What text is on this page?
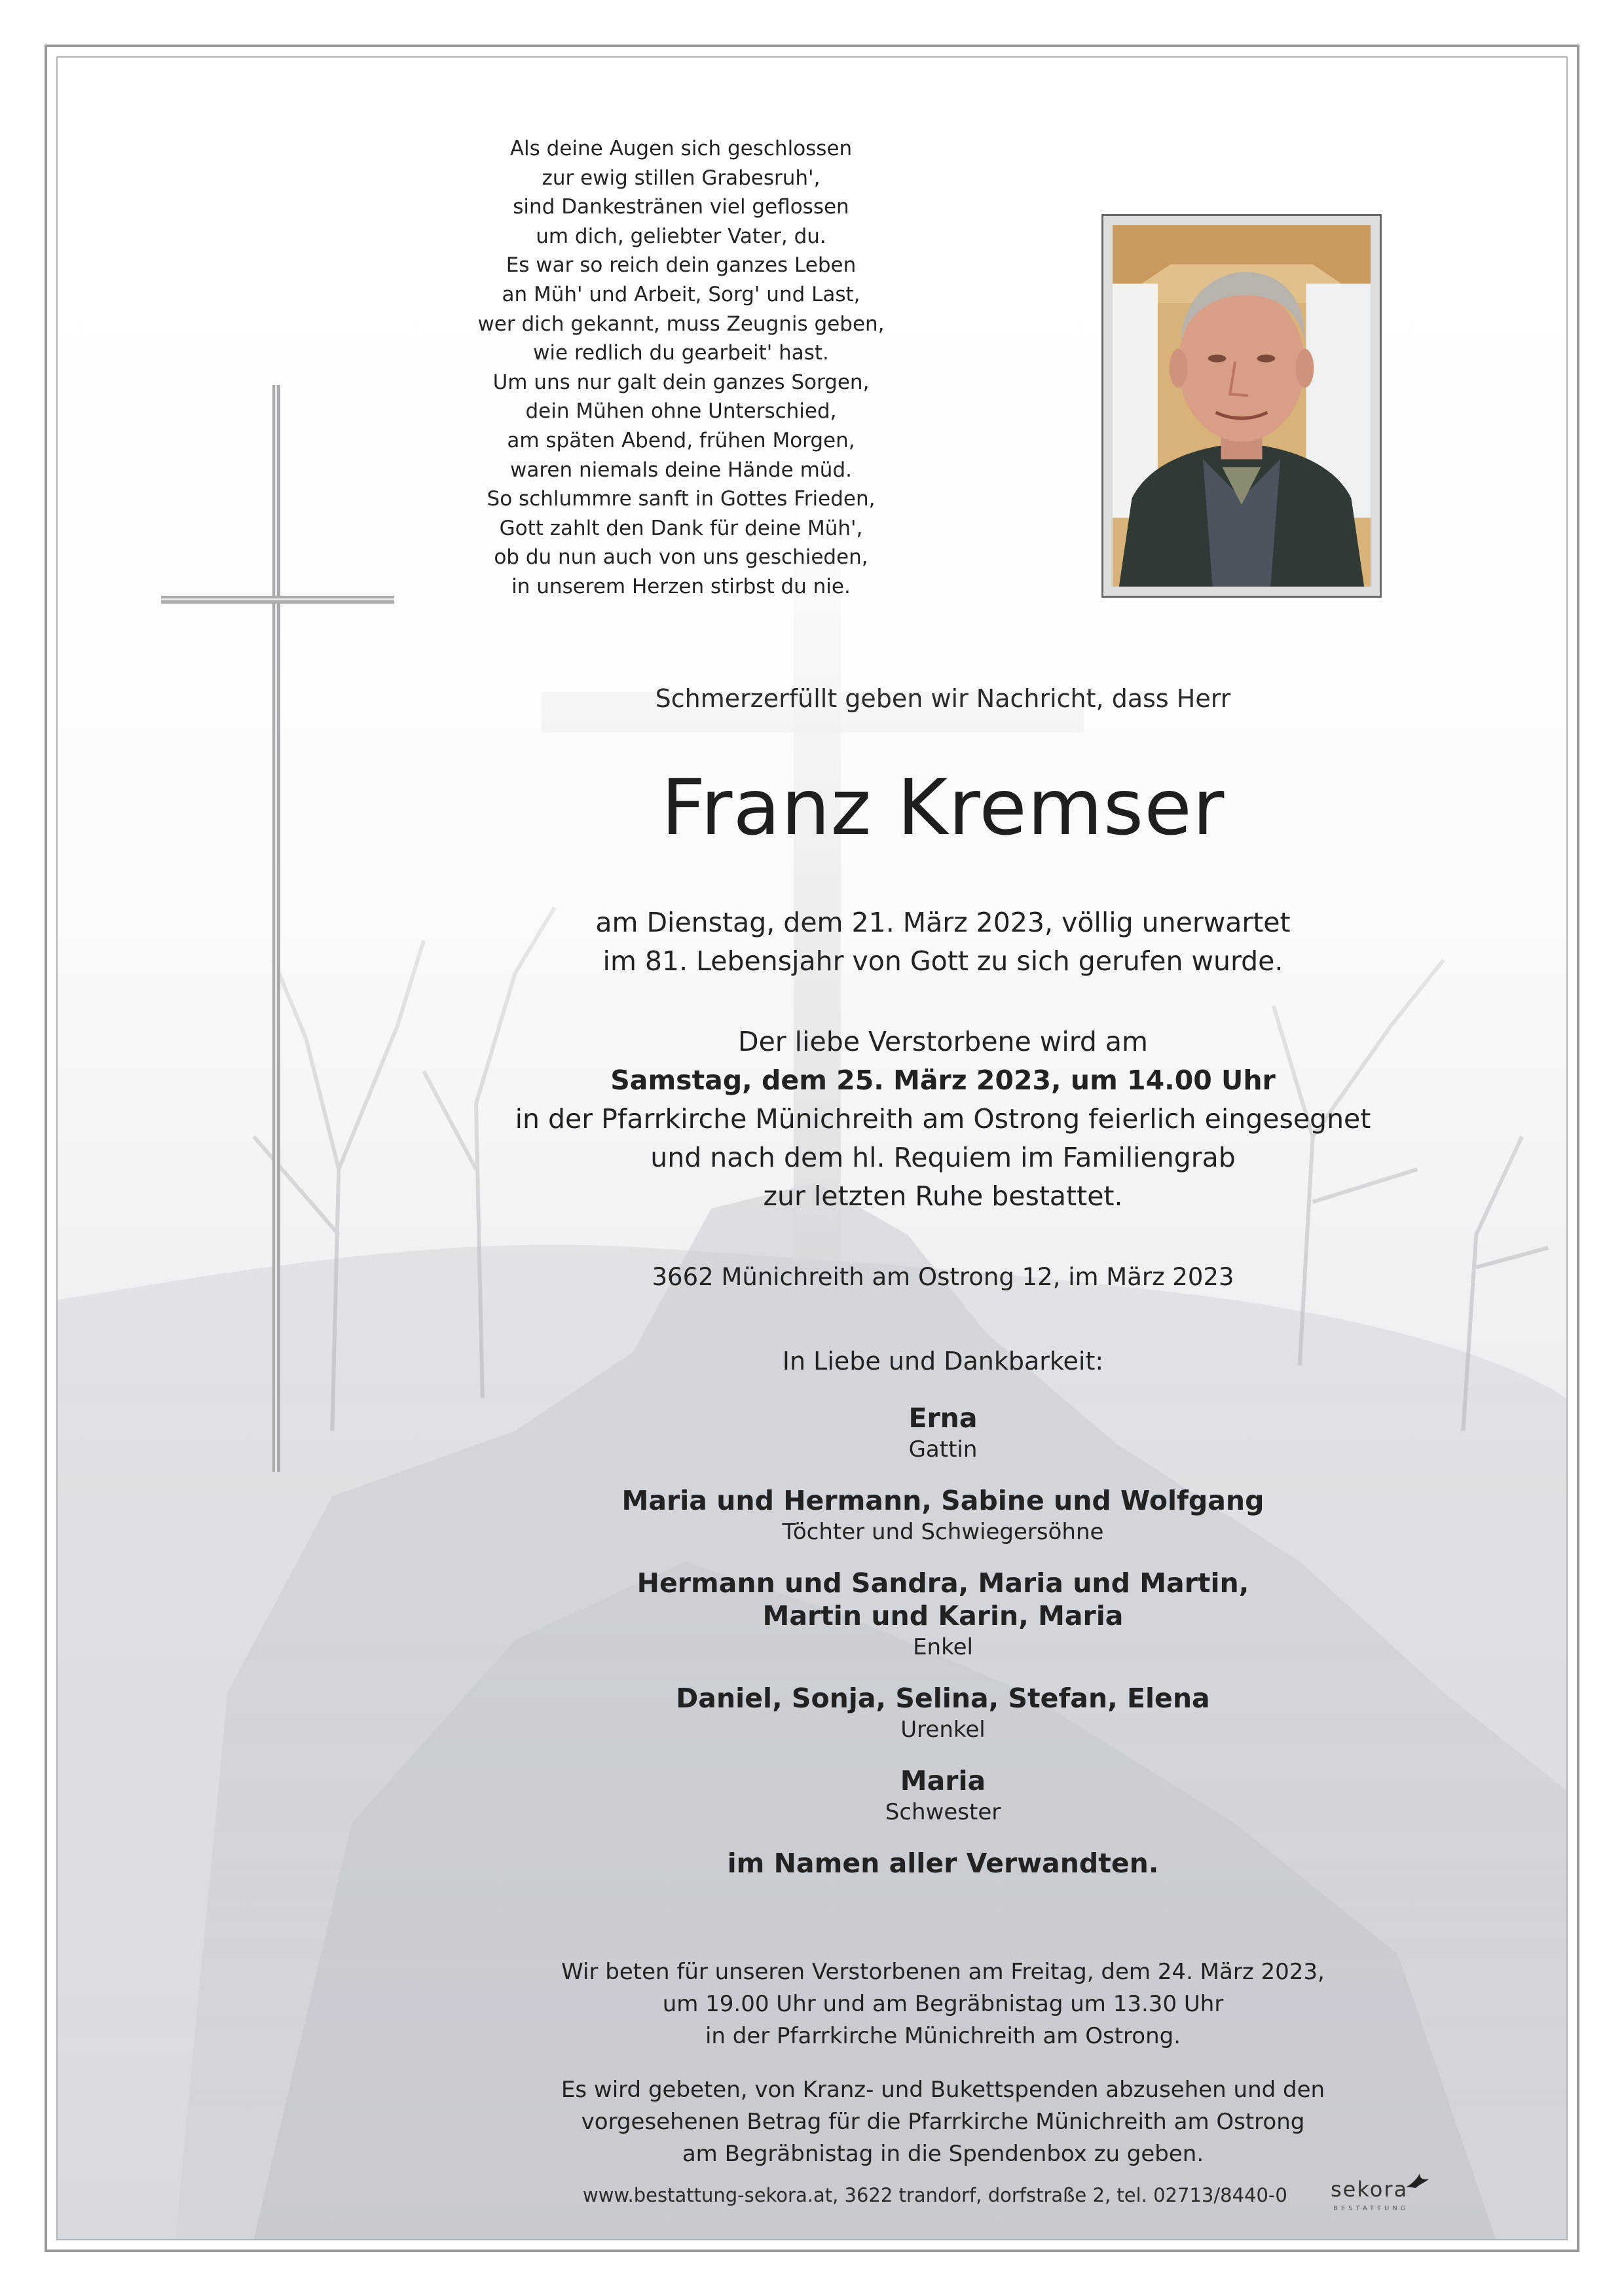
Als deine Augen sich geschlossen
zur ewig stillen Grabesruh',
sind Dankestränen viel geflossen
um dich, geliebter Vater, du.
Es war so reich dein ganzes Leben
an Müh' und Arbeit, Sorg' und Last,
wer dich gekannt, muss Zeugnis geben,
wie redlich du gearbeit' hast.
Um uns nur galt dein ganzes Sorgen,
dein Mühen ohne Unterschied,
am späten Abend, frühen Morgen,
waren niemals deine Hände müd.
So schlummre sanft in Gottes Frieden,
Gott zahlt den Dank für deine Müh',
ob du nun auch von uns geschieden,
in unserem Herzen stirbst du nie.
Schmerzerfüllt geben wir Nachricht, dass Herr
Franz Kremser
am Dienstag, dem 21. März 2023, völlig unerwartet
im 81. Lebensjahr von Gott zu sich gerufen wurde.
Der liebe Verstorbene wird am
Samstag, dem 25. März 2023, um 14.00 Uhr
in der Pfarrkirche Münichreith am Ostrong feierlich eingesegnet
und nach dem hl. Requiem im Familiengrab
zur letzten Ruhe bestattet.
3662 Münichreith am Ostrong 12, im März 2023
In Liebe und Dankbarkeit:
Erna
Gattin
Maria und Hermann, Sabine und Wolfgang
Töchter und Schwiegersöhne
Hermann und Sandra, Maria und Martin,
Martin und Karin, Maria
Enkel
Daniel, Sonja, Selina, Stefan, Elena
Urenkel
Maria
Schwester
im Namen aller Verwandten.
Wir beten für unseren Verstorbenen am Freitag, dem 24. März 2023,
um 19.00 Uhr und am Begräbnistag um 13.30 Uhr
in der Pfarrkirche Münichreith am Ostrong.
Es wird gebeten, von Kranz- und Bukettspenden abzusehen und den
vorgesehenen Betrag für die Pfarrkirche Münichreith am Ostrong
am Begräbnistag in die Spendenbox zu geben.
www.bestattung-sekora.at, 3622 trandorf, dorfstraße 2, tel. 02713/8440-0 sekora
BESTATTUNG
